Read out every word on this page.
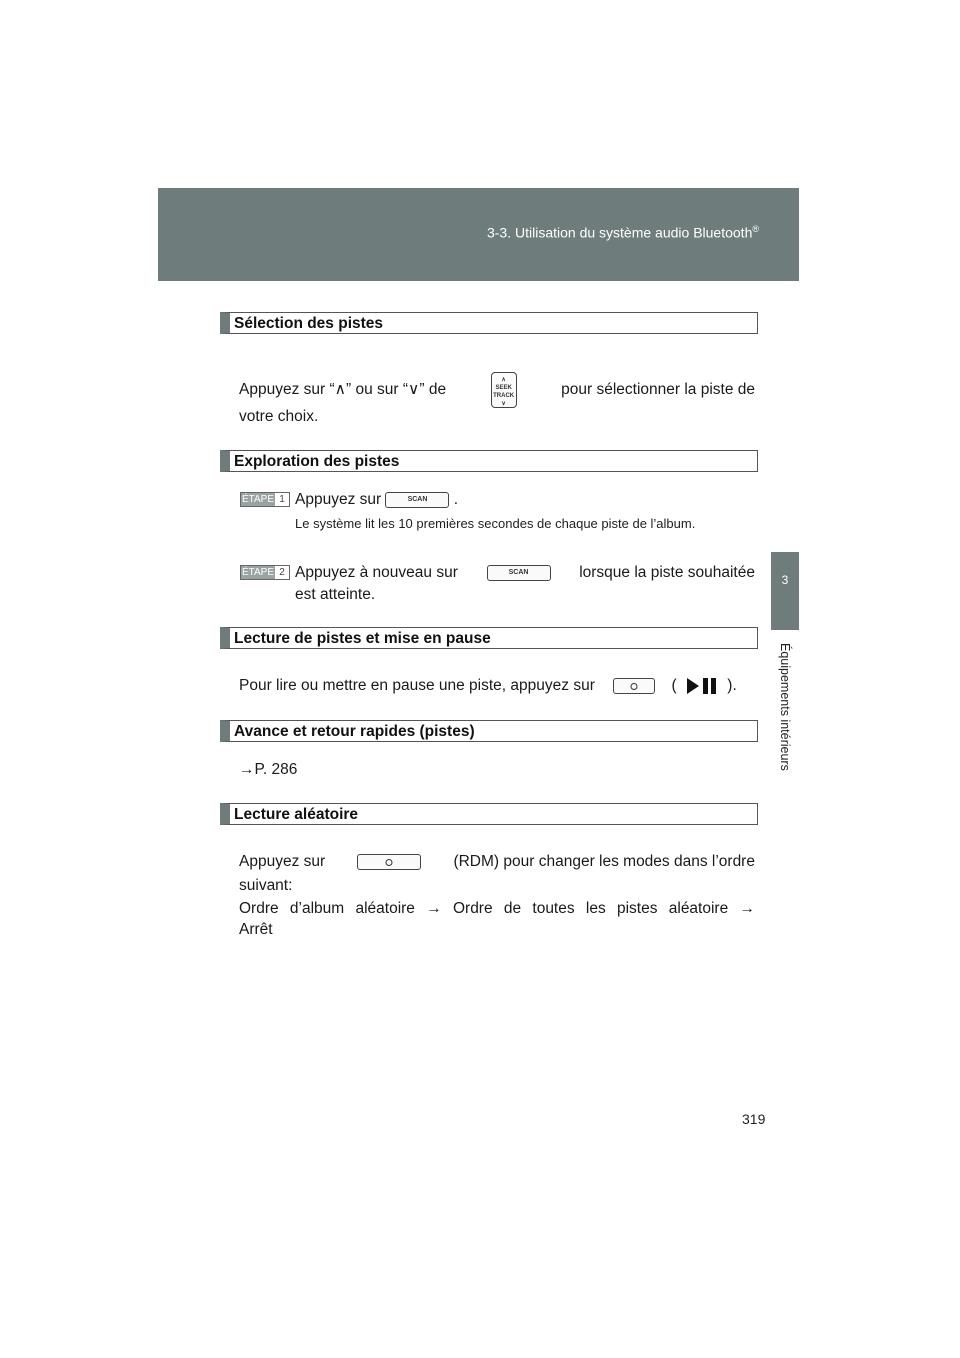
3-3. Utilisation du système audio Bluetooth®
3
Équipements intérieurs
Sélection des pistes
Appuyez sur “∧” ou sur “∨” de
∧
SEEK
TRACK
∨
pour sélectionner la piste de
votre choix.
Exploration des pistes
ÉTAPE 1 Appuyez sur	SCAN .
Le système lit les 10 premières secondes de chaque piste de l’album.
ÉTAPE 2 Appuyez à nouveau sur	SCAN	lorsque la piste souhaitée
est atteinte.
Lecture de pistes et mise en pause
Pour lire ou mettre en pause une piste, appuyez sur	(	).
Avance et retour rapides (pistes)
→P. 286
Lecture aléatoire
Appuyez sur	(RDM) pour changer les modes dans l’ordre
suivant:
Ordre d’album aléatoire → Ordre de toutes les pistes aléatoire →
Arrêt
319
